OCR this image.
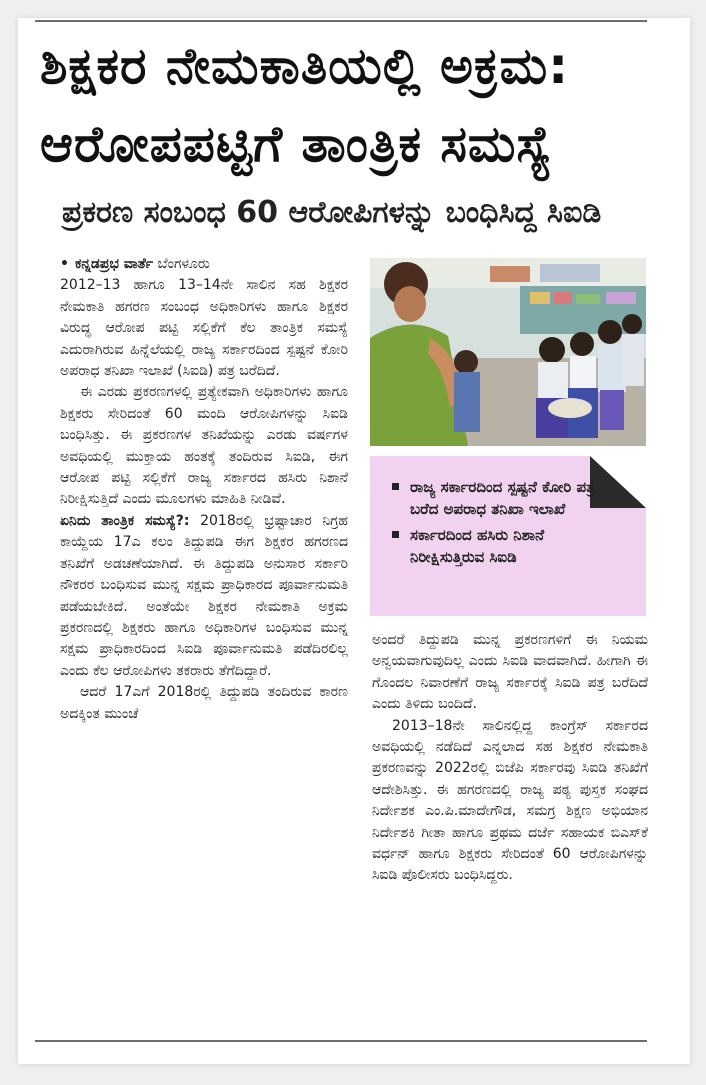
ಶಿಕ್ಷಕರ ನೇಮಕಾತಿಯಲ್ಲಿ ಅಕ್ರಮ:
ಆರೋಪಪಟ್ಟಿಗೆ ತಾಂತ್ರಿಕ ಸಮಸ್ಯೆ
ಪ್ರಕರಣ ಸಂಬಂಧ 60 ಆರೋಪಿಗಳನ್ನು ಬಂಧಿಸಿದ್ದ ಸಿಐಡಿ

• ಕನ್ನಡಪ್ರಭ ವಾರ್ತೆ ಬೆಂಗಳೂರು

2012–13 ಹಾಗೂ 13–14ನೇ ಸಾಲಿನ ಸಹ ಶಿಕ್ಷಕರ ನೇಮಕಾತಿ ಹಗರಣ ಸಂಬಂಧ ಅಧಿಕಾರಿಗಳು ಹಾಗೂ ಶಿಕ್ಷಕರ ವಿರುದ್ಧ ಆರೋಪ ಪಟ್ಟಿ ಸಲ್ಲಿಕೆಗೆ ಕೆಲ ತಾಂತ್ರಿಕ ಸಮಸ್ಯೆ ಎದುರಾಗಿರುವ ಹಿನ್ನೆಲೆಯಲ್ಲಿ ರಾಜ್ಯ ಸರ್ಕಾರದಿಂದ ಸ್ಪಷ್ಟನೆ ಕೋರಿ ಅಪರಾಧ ತನಿಖಾ ಇಲಾಖೆ (ಸಿಐಡಿ) ಪತ್ರ ಬರೆದಿದೆ.

ಈ ಎರಡು ಪ್ರಕರಣಗಳಲ್ಲಿ ಪ್ರತ್ಯೇಕವಾಗಿ ಅಧಿಕಾರಿಗಳು ಹಾಗೂ ಶಿಕ್ಷಕರು ಸೇರಿದಂತೆ 60 ಮಂದಿ ಆರೋಪಿಗಳನ್ನು ಸಿಐಡಿ ಬಂಧಿಸಿತ್ತು. ಈ ಪ್ರಕರಣಗಳ ತನಿಖೆಯನ್ನು ಎರಡು ವರ್ಷಗಳ ಅವಧಿಯಲ್ಲಿ ಮುಕ್ತಾಯ ಹಂತಕ್ಕೆ ತಂದಿರುವ ಸಿಐಡಿ, ಈಗ ಆರೋಪ ಪಟ್ಟಿ ಸಲ್ಲಿಕೆಗೆ ರಾಜ್ಯ ಸರ್ಕಾರದ ಹಸಿರು ನಿಶಾನೆ ನಿರೀಕ್ಷಿಸುತ್ತಿದೆ ಎಂದು ಮೂಲಗಳು ಮಾಹಿತಿ ನೀಡಿವೆ.

ಏನಿದು ತಾಂತ್ರಿಕ ಸಮಸ್ಯೆ?: 2018ರಲ್ಲಿ ಭ್ರಷ್ಟಾಚಾರ ನಿಗ್ರಹ ಕಾಯ್ದೆಯ 17ಎ ಕಲಂ ತಿದ್ದುಪಡಿ ಈಗ ಶಿಕ್ಷಕರ ಹಗರಣದ ತನಿಖೆಗೆ ಅಡಚಣೆಯಾಗಿದೆ. ಈ ತಿದ್ದುಪಡಿ ಅನುಸಾರ ಸರ್ಕಾರಿ ನೌಕರರ ಬಂಧಿಸುವ ಮುನ್ನ ಸಕ್ಷಮ ಪ್ರಾಧಿಕಾರದ ಪೂರ್ವಾನುಮತಿ ಪಡೆಯಬೇಕಿದೆ. ಅಂತೆಯೇ ಶಿಕ್ಷಕರ ನೇಮಕಾತಿ ಅಕ್ರಮ ಪ್ರಕರಣದಲ್ಲಿ ಶಿಕ್ಷಕರು ಹಾಗೂ ಅಧಿಕಾರಿಗಳ ಬಂಧಿಸುವ ಮುನ್ನ ಸಕ್ಷಮ ಪ್ರಾಧಿಕಾರದಿಂದ ಸಿಐಡಿ ಪೂರ್ವಾನುಮತಿ ಪಡೆದಿರಲಿಲ್ಲ ಎಂದು ಕೆಲ ಆರೋಪಿಗಳು ತಕರಾರು ತೆಗೆದಿದ್ದಾರೆ.

ಆದರೆ 17ಎಗೆ 2018ರಲ್ಲಿ ತಿದ್ದುಪಡಿ ತಂದಿರುವ ಕಾರಣ ಅದಕ್ಕಿಂತ ಮುಂಚೆ

ರಾಜ್ಯ ಸರ್ಕಾರದಿಂದ ಸ್ಪಷ್ಟನೆ ಕೋರಿ ಪತ್ರ ಬರೆದ ಅಪರಾಧ ತನಿಖಾ ಇಲಾಖೆ
ಸರ್ಕಾರದಿಂದ ಹಸಿರು ನಿಶಾನೆ ನಿರೀಕ್ಷಿಸುತ್ತಿರುವ ಸಿಐಡಿ

ಅಂದರೆ ತಿದ್ದುಪಡಿ ಮುನ್ನ ಪ್ರಕರಣಗಳಿಗೆ ಈ ನಿಯಮ ಅನ್ವಯವಾಗುವುದಿಲ್ಲ ಎಂದು ಸಿಐಡಿ ವಾದವಾಗಿದೆ. ಹೀಗಾಗಿ ಈ ಗೊಂದಲ ನಿವಾರಣೆಗೆ ರಾಜ್ಯ ಸರ್ಕಾರಕ್ಕೆ ಸಿಐಡಿ ಪತ್ರ ಬರೆದಿದೆ ಎಂದು ತಿಳಿದು ಬಂದಿದೆ.

2013–18ನೇ ಸಾಲಿನಲ್ಲಿದ್ದ ಕಾಂಗ್ರೆಸ್ ಸರ್ಕಾರದ ಅವಧಿಯಲ್ಲಿ ನಡೆದಿದೆ ಎನ್ನಲಾದ ಸಹ ಶಿಕ್ಷಕರ ನೇಮಕಾತಿ ಪ್ರಕರಣವನ್ನು 2022ರಲ್ಲಿ ಬಿಜೆಪಿ ಸರ್ಕಾರವು ಸಿಐಡಿ ತನಿಖೆಗೆ ಆದೇಶಿಸಿತ್ತು. ಈ ಹಗರಣದಲ್ಲಿ ರಾಜ್ಯ ಪಠ್ಯ ಪುಸ್ತಕ ಸಂಘದ ನಿರ್ದೇಶಕ ಎಂ.ಪಿ.ಮಾದೇಗೌಡ, ಸಮಗ್ರ ಶಿಕ್ಷಣ ಅಭಿಯಾನ ನಿರ್ದೇಶಕಿ ಗೀತಾ ಹಾಗೂ ಪ್ರಥಮ ದರ್ಜೆ ಸಹಾಯಕ ಬಿಎಸ್‌ಕೆ ವರ್ಧನ್ ಹಾಗೂ ಶಿಕ್ಷಕರು ಸೇರಿದಂತೆ 60 ಆರೋಪಿಗಳನ್ನು ಸಿಐಡಿ ಪೊಲೀಸರು ಬಂಧಿಸಿದ್ದರು.
